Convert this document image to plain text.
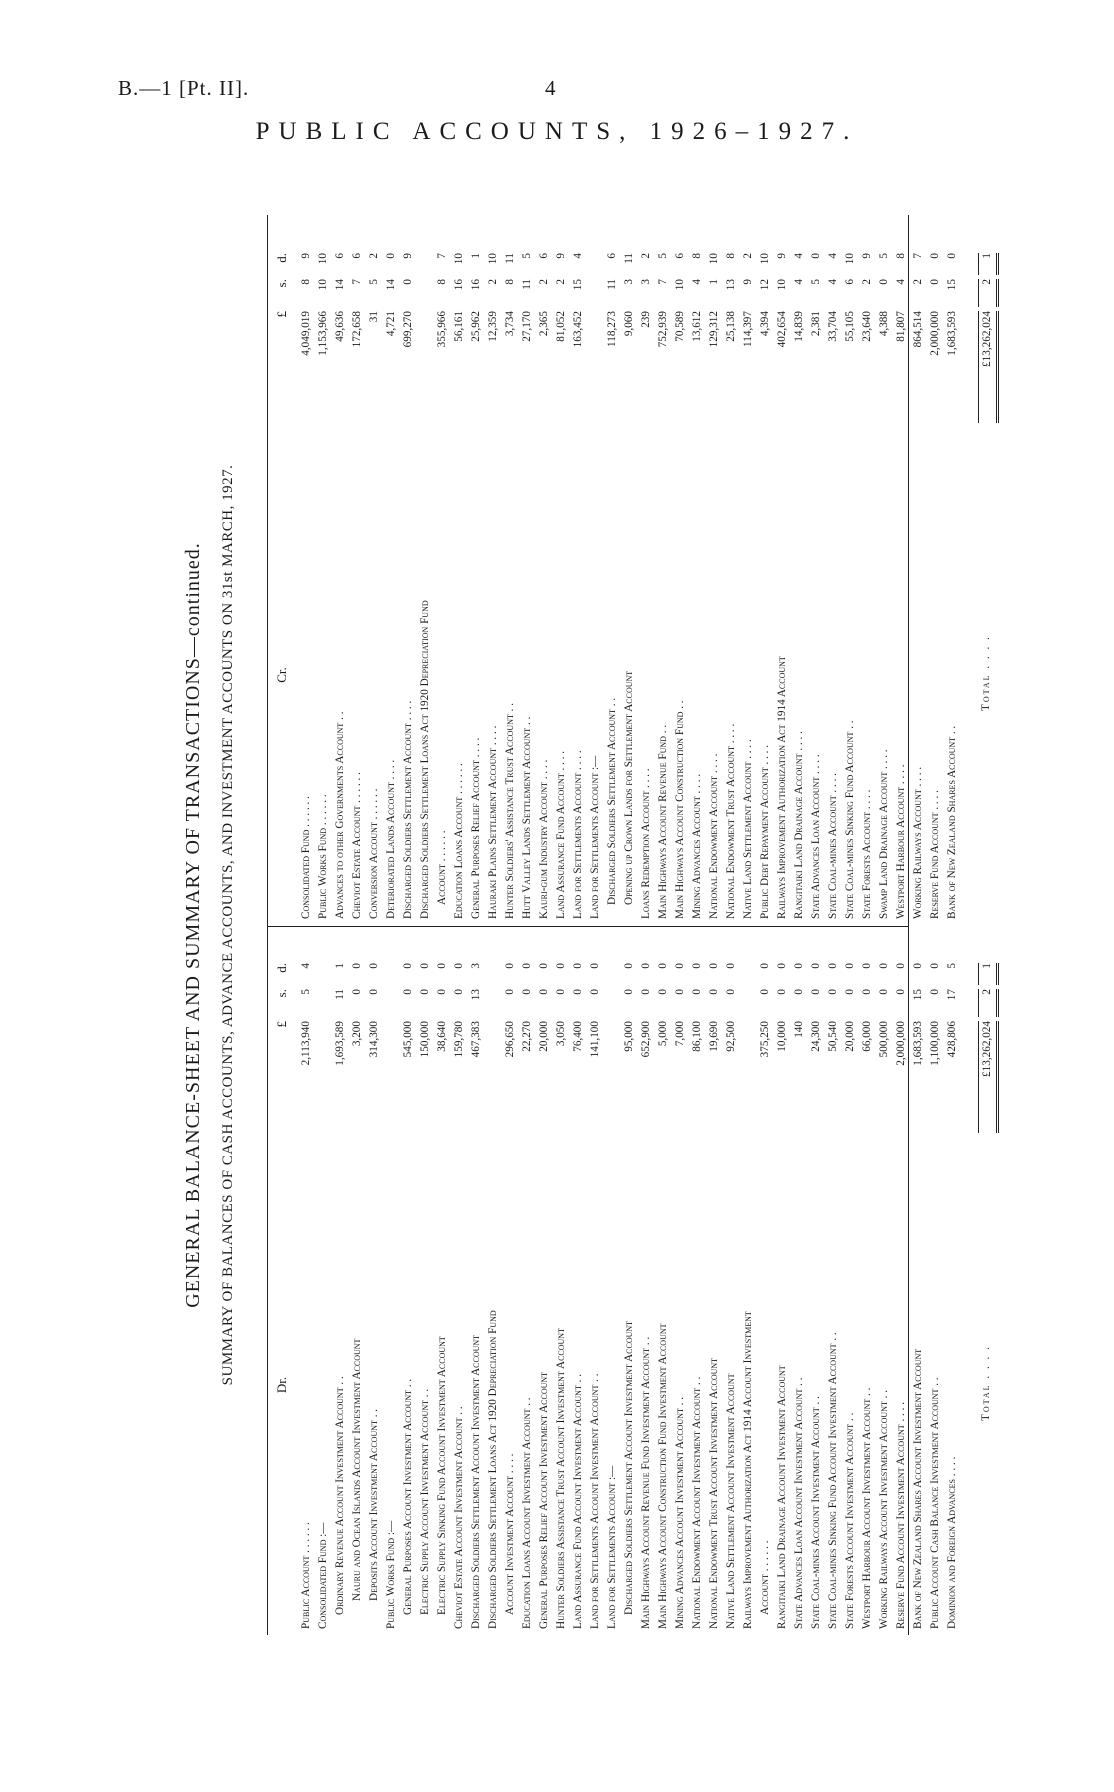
B.—1 [Pt. II].	4
PUBLIC ACCOUNTS, 1926–1927.
GENERAL BALANCE-SHEET AND SUMMARY OF TRANSACTIONS—continued. SUMMARY OF BALANCES OF CASH ACCOUNTS, ADVANCE ACCOUNTS, AND INVESTMENT ACCOUNTS ON 31st MARCH, 1927.	Dr.
£
s.
d.
Public Account . . . . . .
2,113,940
5
4
Consolidated Fund :— Ordinary Revenue Account Investment Account . .
1,693,589
11
1
Nauru and Ocean Islands Account Investment Account
3,200
0
0
Deposits Account Investment Account . .
314,300
0
0
Public Works Fund :— General Purposes Account Investment Account . .
545,000
0
0
Electric Supply Account Investment Account . .
150,000
0
0
Electric Supply Sinking Fund Account Investment Account
38,640
0
0
Cheviot Estate Account Investment Account . .
159,780
0
0
Discharged Soldiers Settlement Account Investment Account
467,383
13
3
Discharged Soldiers Settlement Loans Act 1920 Depreciation Fund Account Investment Account . . . .
296,650
0
0
Education Loans Account Investment Account . .
22,270
0
0
General Purposes Relief Account Investment Account
20,000
0
0
Hunter Soldiers Assistance Trust Account Investment Account
3,050
0
0
Land Assurance Fund Account Investment Account . .
76,400
0
0
Land for Settlements Account Investment Account . .
141,100
0
0
Land for Settlements Account :— Discharged Soldiers Settlement Account Investment Account
95,000
0
0
Main Highways Account Revenue Fund Investment Account . .
652,900
0
0
Main Highways Account Construction Fund Investment Account
5,000
0
0
Mining Advances Account Investment Account . .
7,000
0
0
National Endowment Account Investment Account . .
86,100
0
0
National Endowment Trust Account Investment Account
19,690
0
0
Native Land Settlement Account Investment Account
92,500
0
0
Railways Improvement Authorization Act 1914 Account Investment Account . . . . . .
375,250
0
0
Rangitaiki Land Drainage Account Investment Account
10,000
0
0
State Advances Loan Account Investment Account . .
140
0
0
State Coal-mines Account Investment Account . .
24,300
0
0
State Coal-mines Sinking Fund Account Investment Account . .
50,540
0
0
State Forests Account Investment Account . .
20,000
0
0
Westport Harbour Account Investment Account . .
66,000
0
0
Working Railways Account Investment Account . .
500,000
0
0
Reserve Fund Account Investment Account . . . .
2,000,000
0
0
Bank of New Zealand Shares Account Investment Account
1,683,593
15
0
Public Account Cash Balance Investment Account . .
1,100,000
0
0
Dominion and Foreign Advances . . . .
428,806
17
5
Total . . . .
£13,262,024
2
1
Cr.
£
s.
d.
Consolidated Fund . . . . . .
4,049,019
8
9
Public Works Fund . . . . . .
1,153,966
10
10
Advances to other Governments Account . .
49,636
14
6
Cheviot Estate Account . . . . . .
172,658
7
6
Conversion Account . . . . . .
31
5
2
Deteriorated Lands Account . . . .
4,721
14
0
Discharged Soldiers Settlement Account . . . .
699,270
0
9
Discharged Soldiers Settlement Loans Act 1920 Depreciation Fund Account . . . . . .
355,966
8
7
Education Loans Account . . . . . .
56,161
16
10
General Purposes Relief Account . . . .
25,962
16
1
Hauraki Plains Settlement Account . . . .
12,359
2
10
Hunter Soldiers' Assistance Trust Account . .
3,734
8
11
Hutt Valley Lands Settlement Account . .
27,170
11
5
Kauri-gum Industry Account . . . .
2,365
2
6
Land Assurance Fund Account . . . .
81,052
2
9
Land for Settlements Account . . . .
163,452
15
4
Land for Settlements Account :— Discharged Soldiers Settlement Account . .
118,273
11
6
Opening up Crown Lands for Settlement Account
9,060
3
11
Loans Redemption Account . . . .
239
3
2
Main Highways Account Revenue Fund . .
752,939
7
5
Main Highways Account Construction Fund . .
70,589
10
6
Mining Advances Account . . . .
13,612
4
8
National Endowment Account . . . .
129,312
1
10
National Endowment Trust Account . . . .
25,138
13
8
Native Land Settlement Account . . . .
114,397
9
2
Public Debt Repayment Account . . . .
4,394
12
10
Railways Improvement Authorization Act 1914 Account
402,654
10
9
Rangitaiki Land Drainage Account . . . .
14,839
4
4
State Advances Loan Account . . . .
2,381
5
0
State Coal-mines Account . . . .
33,704
4
4
State Coal-mines Sinking Fund Account . .
55,105
6
10
State Forests Account . . . .
23,640
2
9
Swamp Land Drainage Account . . . .
4,388
0
5
Westport Harbour Account . . . .
81,807
4
8
Working Railways Account . . . .
864,514
2
7
Reserve Fund Account . . . .
2,000,000
0
0
Bank of New Zealand Shares Account . .
1,683,593
15
0
Total . . . .
£13,262,024
2
1
